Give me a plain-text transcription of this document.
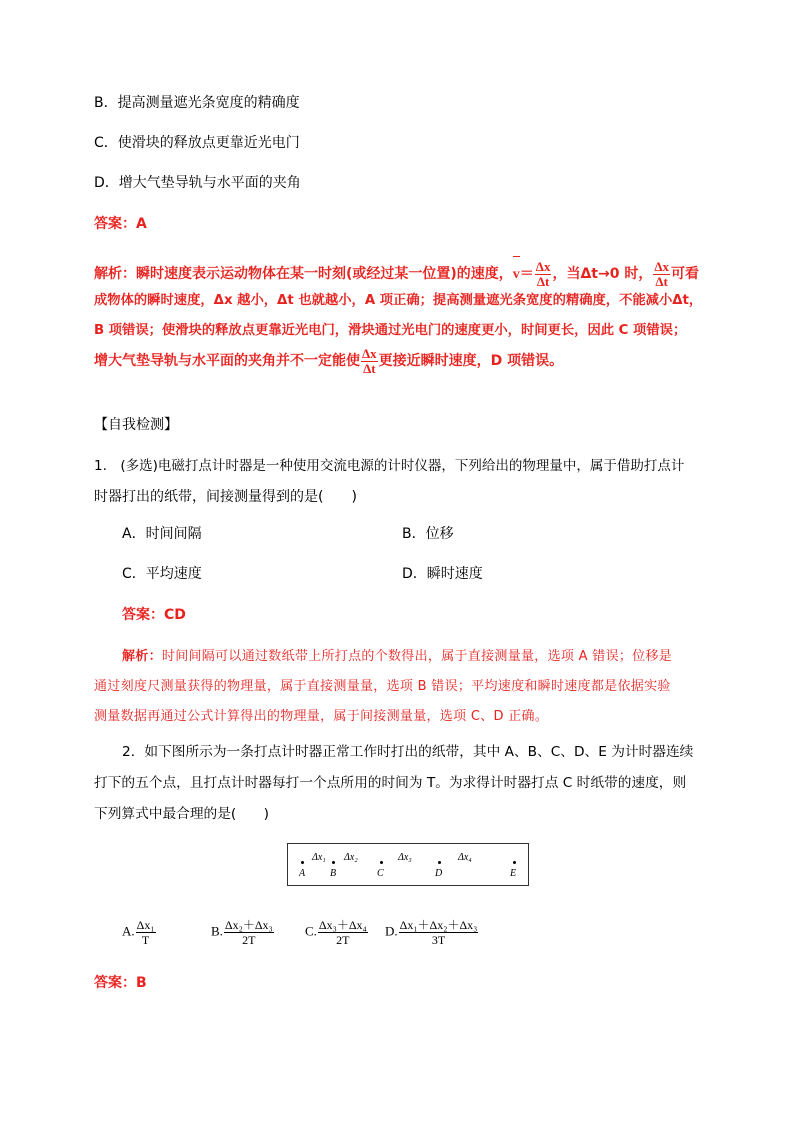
B．提高测量遮光条宽度的精确度
C．使滑块的释放点更靠近光电门
D．增大气垫导轨与水平面的夹角
答案：A
解析：瞬时速度表示运动物体在某一时刻(或经过某一位置)的速度，$v= \frac{\Delta x}{\Delta t}$ ，当Δt→0 时， $\frac{\Delta x}{\Delta t}$ 可看
成物体的瞬时速度，Δx 越小，Δt 也就越小，A 项正确；提高测量遮光条宽度的精确度，不能减小Δt，
B 项错误；使滑块的释放点更靠近光电门，滑块通过光电门的速度更小，时间更长，因此 C 项错误；
增大气垫导轨与水平面的夹角并不一定能使 $\frac{\Delta x}{\Delta t}$ 更接近瞬时速度，D 项错误。
【自我检测】
1.　(多选)电磁打点计时器是一种使用交流电源的计时仪器，下列给出的物理量中，属于借助打点计
时器打出的纸带，间接测量得到的是(　　)
A．时间间隔	B．位移
C．平均速度	D．瞬时速度
答案：CD
解析：时间间隔可以通过数纸带上所打点的个数得出，属于直接测量量，选项 A 错误；位移是
通过刻度尺测量获得的物理量，属于直接测量量，选项 B 错误；平均速度和瞬时速度都是依据实验
测量数据再通过公式计算得出的物理量，属于间接测量量，选项 C、D 正确。
2．如下图所示为一条打点计时器正常工作时打出的纸带，其中 A、B、C、D、E 为计时器连续
打下的五个点，且打点计时器每打一个点所用的时间为 T。为求得计时器打点 C 时纸带的速度，则
下列算式中最合理的是(　　)
Δx₁ Δx₂	Δx₃	Δx₄
A B	C	D	E
A. $\frac{\text{Δx₁}}{T}$	B. $\frac{\text{Δx₂＋Δx₃}}{2T} C$. $\frac{\text{Δx₃＋Δx₄}}{2T} D$. $\frac{\text{Δx₁＋Δx₂＋Δx₃}}{3T}$
答案：B
